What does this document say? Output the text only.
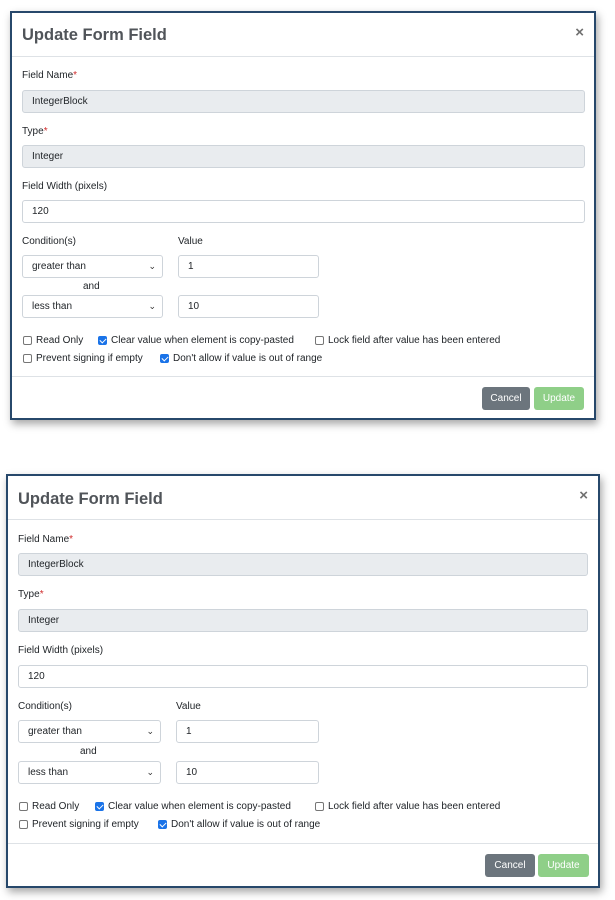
Update Form Field	×
Field Name*
IntegerBlock
Type*
Integer
Field Width (pixels)
120
Condition(s)	Value
greater than	⌄	1
and
less than	⌄	10
Read Only	Clear value when element is copy-pasted	Lock field after value has been entered
Prevent signing if empty	Don't allow if value is out of range
Cancel	Update
Update Form Field	×
Field Name*
IntegerBlock
Type*
Integer
Field Width (pixels)
120
Condition(s)	Value
greater than	⌄	1
and
less than	⌄	10
Read Only	Clear value when element is copy-pasted	Lock field after value has been entered
Prevent signing if empty	Don't allow if value is out of range
Cancel	Update
